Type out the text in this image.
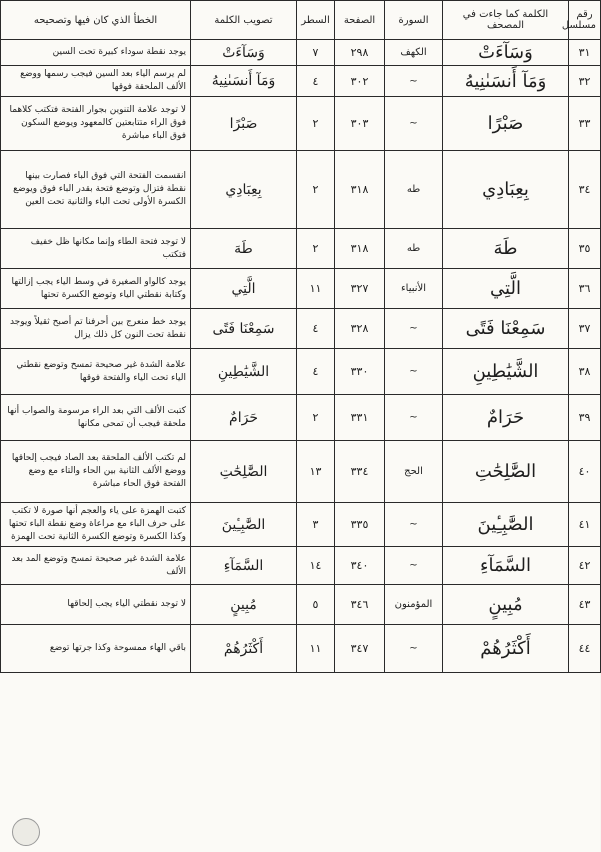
رقم مسلسل	الكلمة كما جاءت في المصحف	السورة	الصفحة	السطر	تصويب الكلمة	الخطأ الذي كان فيها وتصحيحه
٣١	وَسَآءَتْ	الكهف	٢٩٨	٧	وَسَآءَتْ	يوجد نقطة سوداء كبيرة تحت السين
٣٢	وَمَآ أَنسَىٰنِيهُ	~	٣٠٢	٤	وَمَآ أَنسَىٰنِيهُ	لم يرسم الياء بعد السين فيجب رسمها ووضع الألف الملحقة فوقها
٣٣	صَبْرًا	~	٣٠٣	٢	صَبْرًا	لا توجد علامة التنوين بجوار الفتحة فتكتب كلاهما فوق الراء متتابعتين كالمعهود ويوضع السكون فوق الباء مباشرة
٣٤	بِعِبَادِي	طه	٣١٨	٢	بِعِبَادِي	انقسمت الفتحة التي فوق الباء فصارت بينها نقطة فتزال وتوضع فتحة بقدر الباء فوق ويوضع الكسرة الأولى تحت الباء والثانية تحت العين
٣٥	طَهَ	طه	٣١٨	٢	طَهَ	لا توجد فتحة الطاء وإنما مكانها ظل خفيف فتكتب
٣٦	الَّتِي	الأنبياء	٣٢٧	١١	الَّتِي	يوجد كالواو الصغيرة في وسط الياء يجب إزالتها وكتابة نقطتي الياء وتوضع الكسرة تحتها
٣٧	سَمِعْنَا فَتًى	~	٣٢٨	٤	سَمِعْنَا فَتًى	يوجد خط منعرج بين أحرفنا تم أصبح ثقيلاً ويوجد نقطة تحت النون كل ذلك يزال
٣٨	الشَّيَٰطِينِ	~	٣٣٠	٤	الشَّيَٰطِينِ	علامة الشدة غير صحيحة تمسح وتوضع نقطتي الياء تحت الياء والفتحة فوقها
٣٩	حَرَامٌ	~	٣٣١	٢	حَرَامٌ	كتبت الألف التي بعد الراء مرسومة والصواب أنها ملحقة فيجب أن تمحى مكانها
٤٠	الصَّٰلِحَٰتِ	الحج	٣٣٤	١٣	الصَّٰلِحَٰتِ	لم تكتب الألف الملحقة بعد الصاد فيجب إلحاقها ووضع الألف الثانية بين الحاء والتاء مع وضع الفتحة فوق الحاء مباشرة
٤١	الصَّٰبِـِٔينَ	~	٣٣٥	٣	الصَّٰبِـِٔينَ	كتبت الهمزة على ياء والعجم أنها صورة لا تكتب على حرف الباء مع مراعاة وضع نقطة الباء تحتها وكذا الكسرة وتوضع الكسرة الثانية تحت الهمزة
٤٢	السَّمَآءِ	~	٣٤٠	١٤	السَّمَآءِ	علامة الشدة غير صحيحة تمسح وتوضع المد بعد الألف
٤٣	مُبِينٍ	المؤمنون	٣٤٦	٥	مُبِينٍ	لا توجد نقطتي الياء يجب إلحاقها
٤٤	أَكْثَرُهُمْ	~	٣٤٧	١١	أَكْثَرُهُمْ	باقي الهاء ممسوحة وكذا جرتها توضع
